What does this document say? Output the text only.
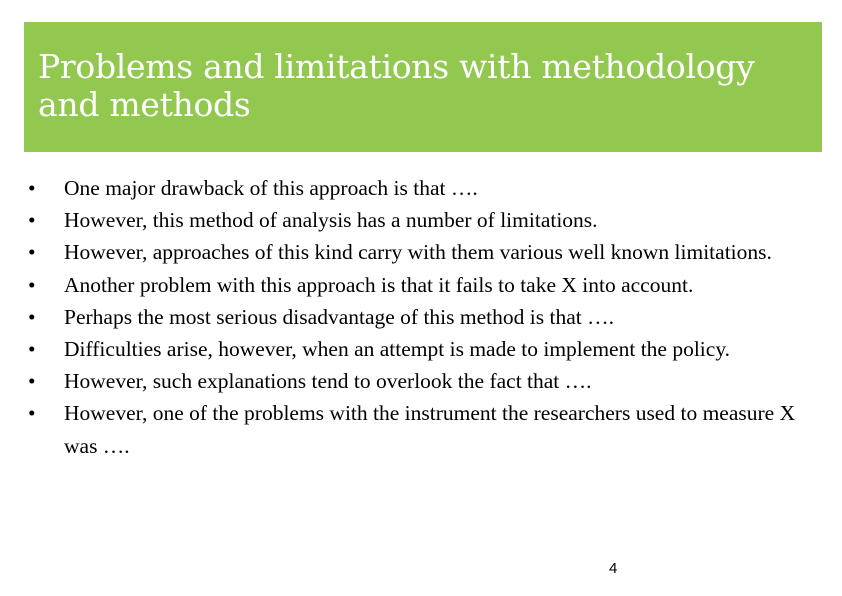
Problems and limitations with methodology and methods
•	One major drawback of this approach is that ….
•	However, this method of analysis has a number of limitations.
•	However, approaches of this kind carry with them various well known limitations.
•	Another problem with this approach is that it fails to take X into account.
•	Perhaps the most serious disadvantage of this method is that ….
•	Difficulties arise, however, when an attempt is made to implement the policy.
•	However, such explanations tend to overlook the fact that ….
•	However, one of the problems with the instrument the researchers used to measure X was ….
4
